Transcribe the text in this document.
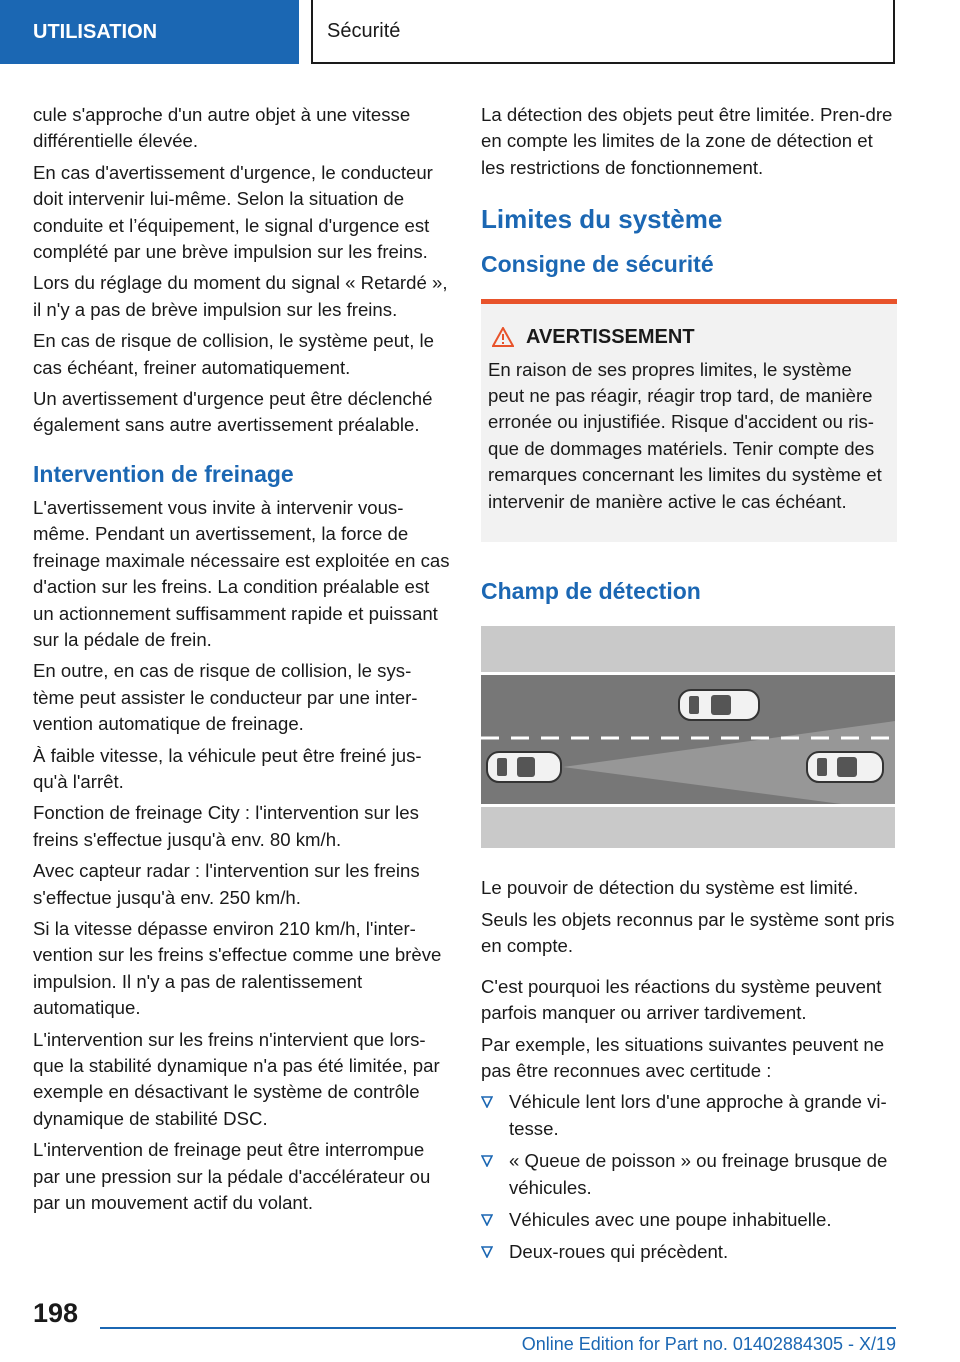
UTILISATION	Sécurité

cule s'approche d'un autre objet à une vitesse différentielle élevée.

En cas d'avertissement d'urgence, le conducteur doit intervenir lui-même. Selon la situation de conduite et l’équipement, le signal d'urgence est complété par une brève impulsion sur les freins.

Lors du réglage du moment du signal « Retardé », il n'y a pas de brève impulsion sur les freins.

En cas de risque de collision, le système peut, le cas échéant, freiner automatiquement.

Un avertissement d'urgence peut être déclenché également sans autre avertissement préalable.

Intervention de freinage

L'avertissement vous invite à intervenir vous-même. Pendant un avertissement, la force de freinage maximale nécessaire est exploitée en cas d'action sur les freins. La condition préalable est un actionnement suffisamment rapide et puissant sur la pédale de frein.

En outre, en cas de risque de collision, le sys-tème peut assister le conducteur par une inter-vention automatique de freinage.

À faible vitesse, la véhicule peut être freiné jus-qu'à l'arrêt.

Fonction de freinage City : l'intervention sur les freins s'effectue jusqu'à env. 80 km/h.

Avec capteur radar : l'intervention sur les freins s'effectue jusqu'à env. 250 km/h.

Si la vitesse dépasse environ 210 km/h, l'inter-vention sur les freins s'effectue comme une brève impulsion. Il n'y a pas de ralentissement automatique.

L'intervention sur les freins n'intervient que lors-que la stabilité dynamique n'a pas été limitée, par exemple en désactivant le système de contrôle dynamique de stabilité DSC.

L'intervention de freinage peut être interrompue par une pression sur la pédale d'accélérateur ou par un mouvement actif du volant.

La détection des objets peut être limitée. Pren-dre en compte les limites de la zone de détection et les restrictions de fonctionnement.

Limites du système
Consigne de sécurité
AVERTISSEMENT

En raison de ses propres limites, le système peut ne pas réagir, réagir trop tard, de manière erronée ou injustifiée. Risque d'accident ou ris-que de dommages matériels. Tenir compte des remarques concernant les limites du système et intervenir de manière active le cas échéant.

Champ de détection

Le pouvoir de détection du système est limité.

Seuls les objets reconnus par le système sont pris en compte.

C'est pourquoi les réactions du système peuvent parfois manquer ou arriver tardivement.

Par exemple, les situations suivantes peuvent ne pas être reconnues avec certitude :

Véhicule lent lors d'une approche à grande vi-tesse.
« Queue de poisson » ou freinage brusque de véhicules.
Véhicules avec une poupe inhabituelle.
Deux-roues qui précèdent.
198
Online Edition for Part no. 01402884305 - X/19
